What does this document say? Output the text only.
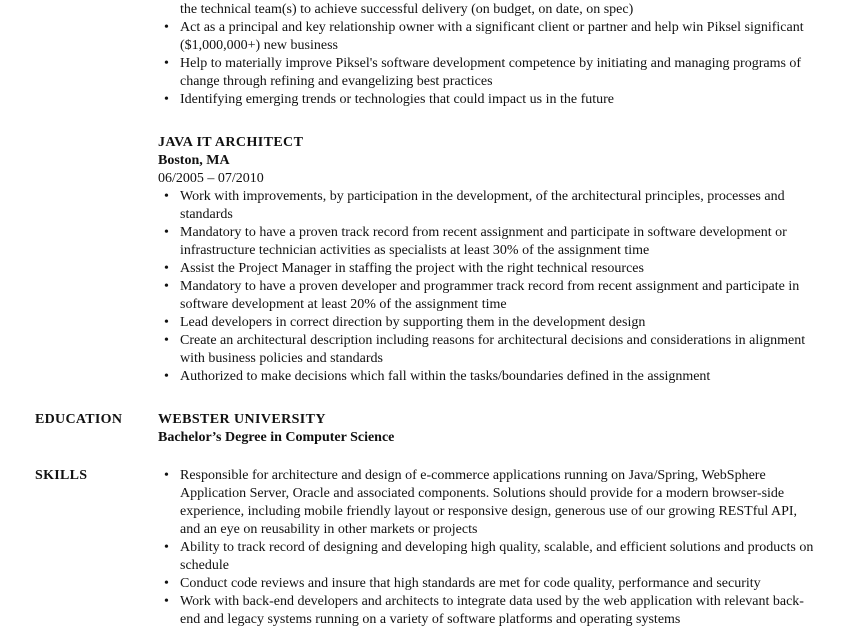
the technical team(s) to achieve successful delivery (on budget, on date, on spec)
• Act as a principal and key relationship owner with a significant client or partner and help win Piksel significant ($1,000,000+) new business
• Help to materially improve Piksel's software development competence by initiating and managing programs of change through refining and evangelizing best practices
• Identifying emerging trends or technologies that could impact us in the future
JAVA IT ARCHITECT
Boston, MA
06/2005 – 07/2010
• Work with improvements, by participation in the development, of the architectural principles, processes and standards
• Mandatory to have a proven track record from recent assignment and participate in software development or infrastructure technician activities as specialists at least 30% of the assignment time
• Assist the Project Manager in staffing the project with the right technical resources
• Mandatory to have a proven developer and programmer track record from recent assignment and participate in software development at least 20% of the assignment time
• Lead developers in correct direction by supporting them in the development design
• Create an architectural description including reasons for architectural decisions and considerations in alignment with business policies and standards
• Authorized to make decisions which fall within the tasks/boundaries defined in the assignment
EDUCATION	WEBSTER UNIVERSITY
Bachelor’s Degree in Computer Science
SKILLS
•	Responsible for architecture and design of e-commerce applications running on Java/Spring, WebSphere Application Server, Oracle and associated components. Solutions should provide for a modern browser-side experience, including mobile friendly layout or responsive design, generous use of our growing RESTful API, and an eye on reusability in other markets or projects
• Ability to track record of designing and developing high quality, scalable, and efficient solutions and products on schedule
• Conduct code reviews and insure that high standards are met for code quality, performance and security
• Work with back-end developers and architects to integrate data used by the web application with relevant back-end and legacy systems running on a variety of software platforms and operating systems
